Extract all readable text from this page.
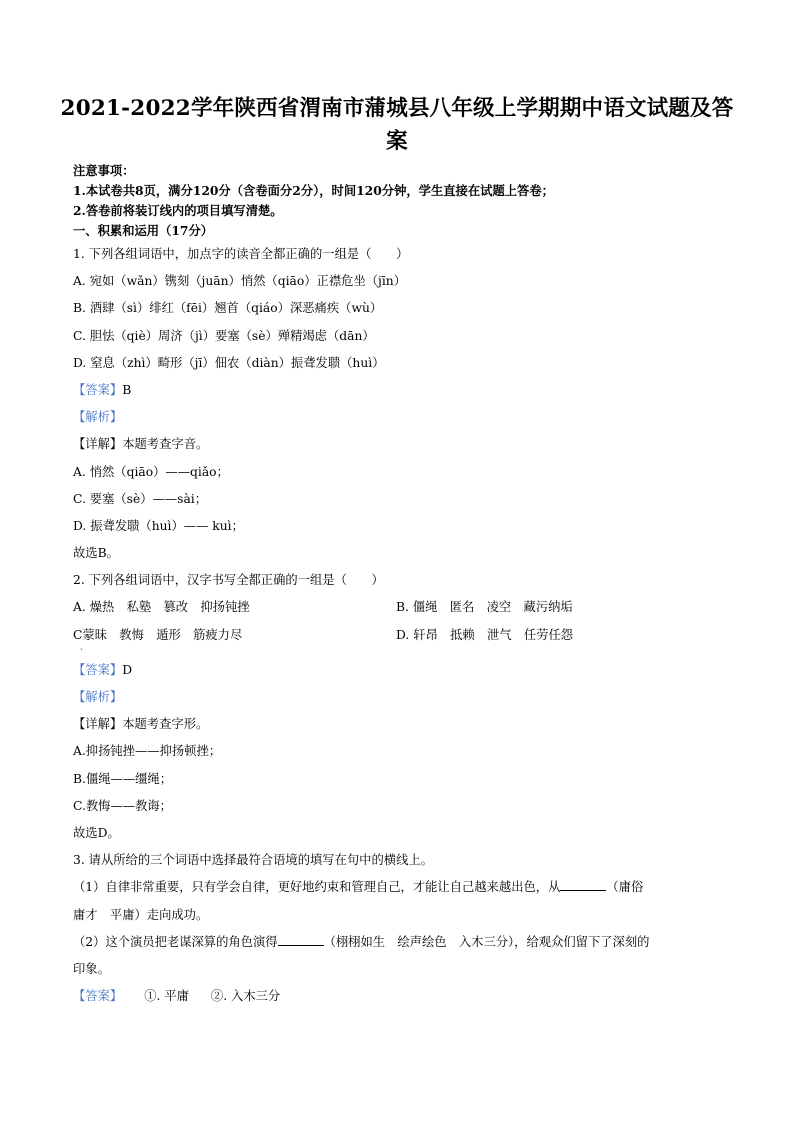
2021-2022学年陕西省渭南市蒲城县八年级上学期期中语文试题及答案
注意事项：
1.本试卷共8页，满分120分（含卷面分2分），时间120分钟，学生直接在试题上答卷；
2.答卷前将装订线内的项目填写清楚。
一、积累和运用（17分）
1. 下列各组词语中，加点字的读音全都正确的一组是（　　）
A. 宛如（wǎn）镌刻（juān）悄然（qiāo）正襟危坐（jīn）
B. 酒肆（sì）绯红（fēi）翘首（qiáo）深恶痛疾（wù）
C. 胆怯（qiè）周济（jì）要塞（sè）殚精竭虑（dān）
D. 窒息（zhì）畸形（jī）佃农（diàn）振聋发聩（huì）
【答案】B
【解析】
【详解】本题考查字音。
A. 悄然（qiāo）——qiǎo；
C. 要塞（sè）——sài；
D. 振聋发聩（huì）—— kuì；
故选B。
2. 下列各组词语中，汉字书写全都正确的一组是（　　）
A. 燥热　私塾　篡改　抑扬钝挫	B. 僵绳　匿名　凌空　藏污纳垢
C蒙昧　教悔　遁形　筋疲力尽	D. 轩昂　抵赖　泄气　任劳任怨
ˊ
【答案】D
【解析】
【详解】本题考查字形。
A.抑扬钝挫——抑扬顿挫；
B.僵绳——缰绳；
C.教悔——教诲；
故选D。
3. 请从所给的三个词语中选择最符合语境的填写在句中的横线上。
（1）自律非常重要，只有学会自律，更好地约束和管理自己，才能让自己越来越出色，从	（庸俗
庸才　平庸）走向成功。
（2）这个演员把老谋深算的角色演得	（栩栩如生　绘声绘色　入木三分），给观众们留下了深刻的
印象。
【答案】 ①. 平庸 ②. 入木三分
